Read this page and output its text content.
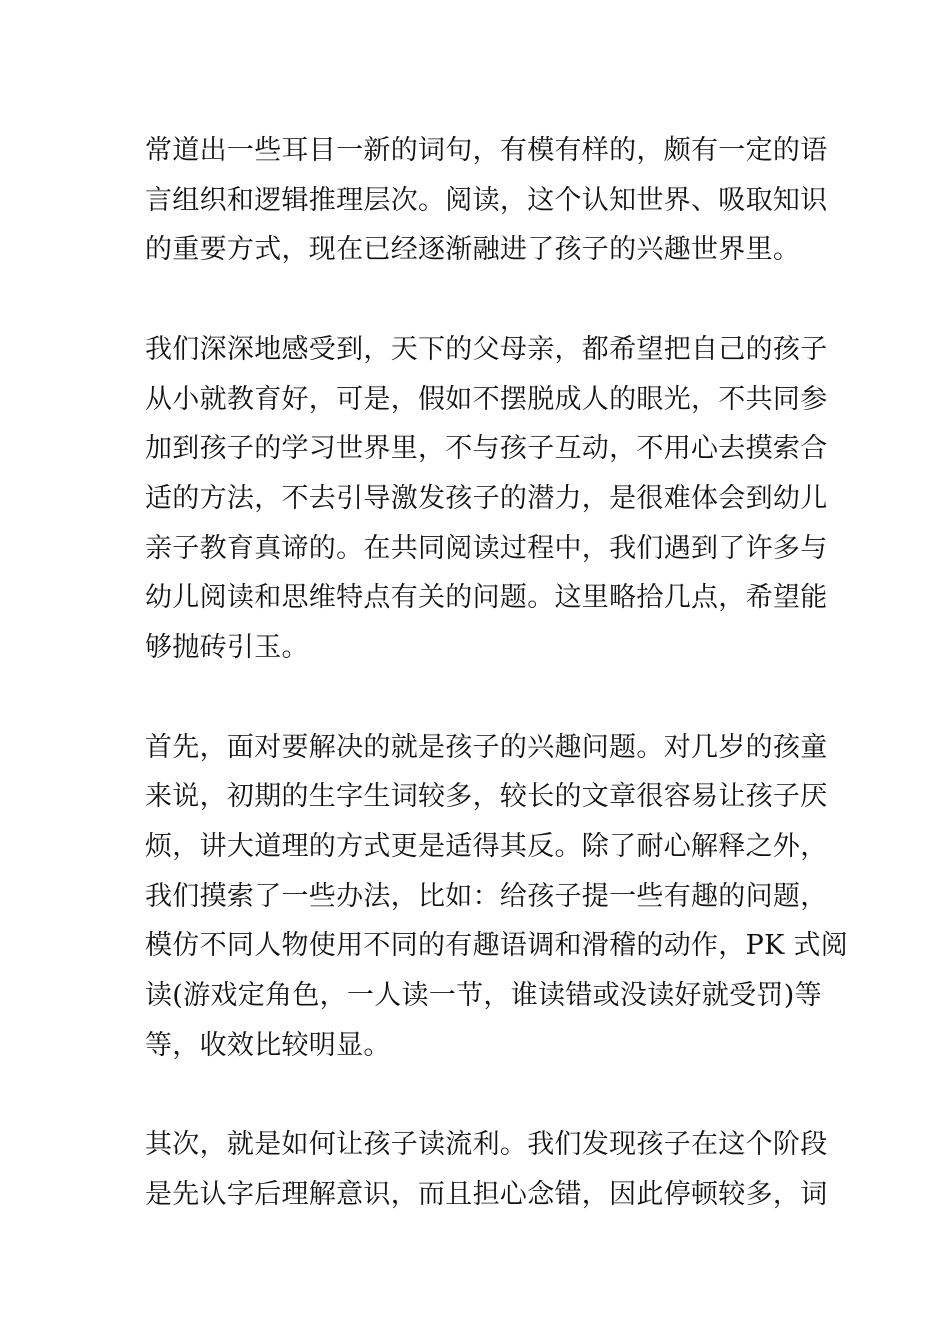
常道出一些耳目一新的词句，有模有样的，颇有一定的语
言组织和逻辑推理层次。阅读，这个认知世界、吸取知识
的重要方式，现在已经逐渐融进了孩子的兴趣世界里。
我们深深地感受到，天下的父母亲，都希望把自己的孩子
从小就教育好，可是，假如不摆脱成人的眼光，不共同参
加到孩子的学习世界里，不与孩子互动，不用心去摸索合
适的方法，不去引导激发孩子的潜力，是很难体会到幼儿
亲子教育真谛的。在共同阅读过程中，我们遇到了许多与
幼儿阅读和思维特点有关的问题。这里略拾几点，希望能
够抛砖引玉。
首先，面对要解决的就是孩子的兴趣问题。对几岁的孩童
来说，初期的生字生词较多，较长的文章很容易让孩子厌
烦，讲大道理的方式更是适得其反。除了耐心解释之外，
我们摸索了一些办法，比如：给孩子提一些有趣的问题，
模仿不同人物使用不同的有趣语调和滑稽的动作，PK 式阅
读(游戏定角色，一人读一节，谁读错或没读好就受罚)等
等，收效比较明显。
其次，就是如何让孩子读流利。我们发现孩子在这个阶段
是先认字后理解意识，而且担心念错，因此停顿较多，词
